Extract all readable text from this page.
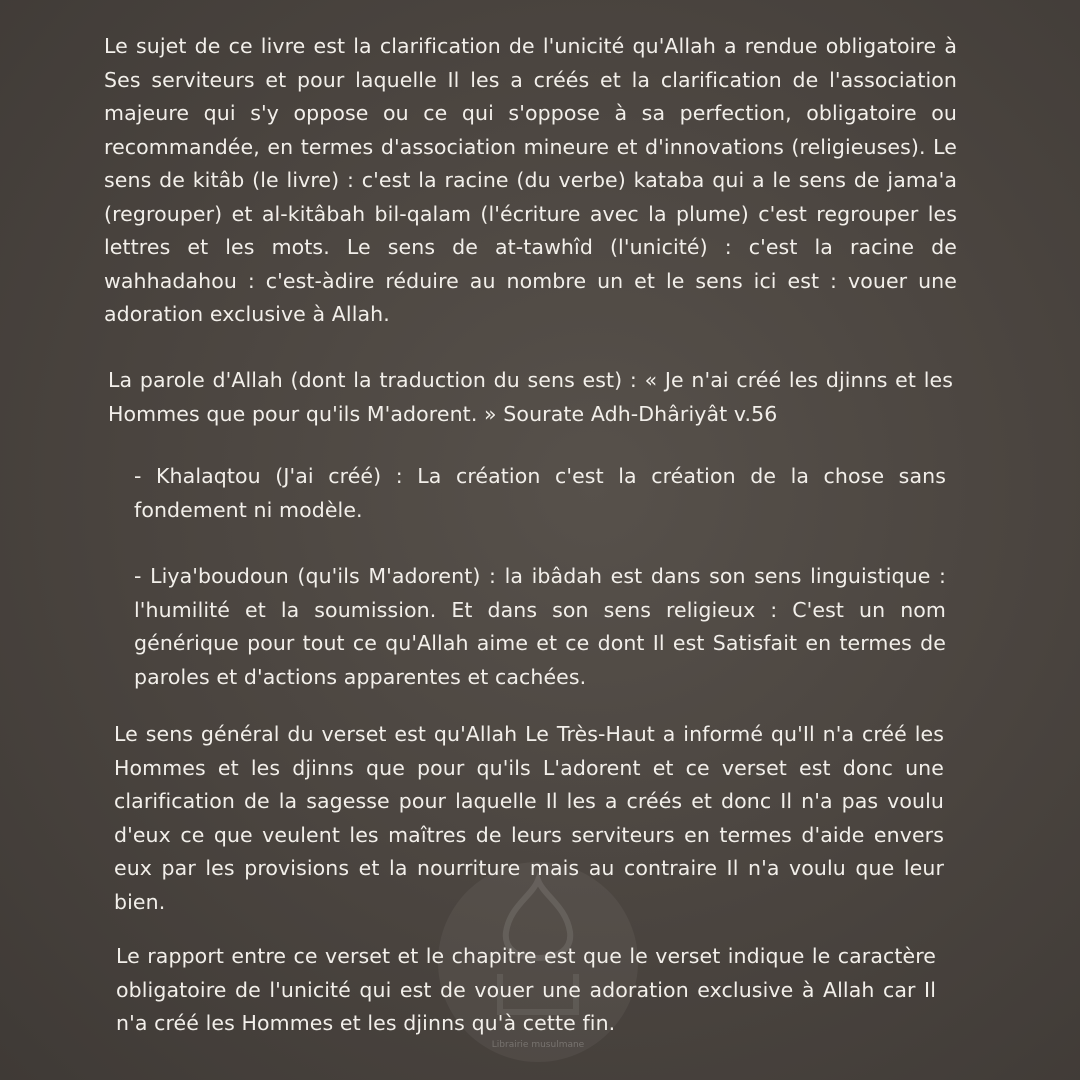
Le sujet de ce livre est la clarification de l'unicité qu'Allah a rendue obligatoire à Ses serviteurs et pour laquelle Il les a créés et la clarification de l'association majeure qui s'y oppose ou ce qui s'oppose à sa perfection, obligatoire ou recommandée, en termes d'association mineure et d'innovations (religieuses). Le sens de kitâb (le livre) : c'est la racine (du verbe) kataba qui a le sens de jama'a (regrouper) et al-kitâbah bil-qalam (l'écriture avec la plume) c'est regrouper les lettres et les mots. Le sens de at-tawhîd (l'unicité) : c'est la racine de wahhadahou : c'est-àdire réduire au nombre un et le sens ici est : vouer une adoration exclusive à Allah.

La parole d'Allah (dont la traduction du sens est) : « Je n'ai créé les djinns et les Hommes que pour qu'ils M'adorent. » Sourate Adh-Dhâriyât v.56

- Khalaqtou (J'ai créé) : La création c'est la création de la chose sans fondement ni modèle.

- Liya'boudoun (qu'ils M'adorent) : la ibâdah est dans son sens linguistique : l'humilité et la soumission. Et dans son sens religieux : C'est un nom générique pour tout ce qu'Allah aime et ce dont Il est Satisfait en termes de paroles et d'actions apparentes et cachées.

Le sens général du verset est qu'Allah Le Très-Haut a informé qu'Il n'a créé les Hommes et les djinns que pour qu'ils L'adorent et ce verset est donc une clarification de la sagesse pour laquelle Il les a créés et donc Il n'a pas voulu d'eux ce que veulent les maîtres de leurs serviteurs en termes d'aide envers eux par les provisions et la nourriture mais au contraire Il n'a voulu que leur bien.

Librairie musulmane

Le rapport entre ce verset et le chapitre est que le verset indique le caractère obligatoire de l'unicité qui est de vouer une adoration exclusive à Allah car Il n'a créé les Hommes et les djinns qu'à cette fin.
